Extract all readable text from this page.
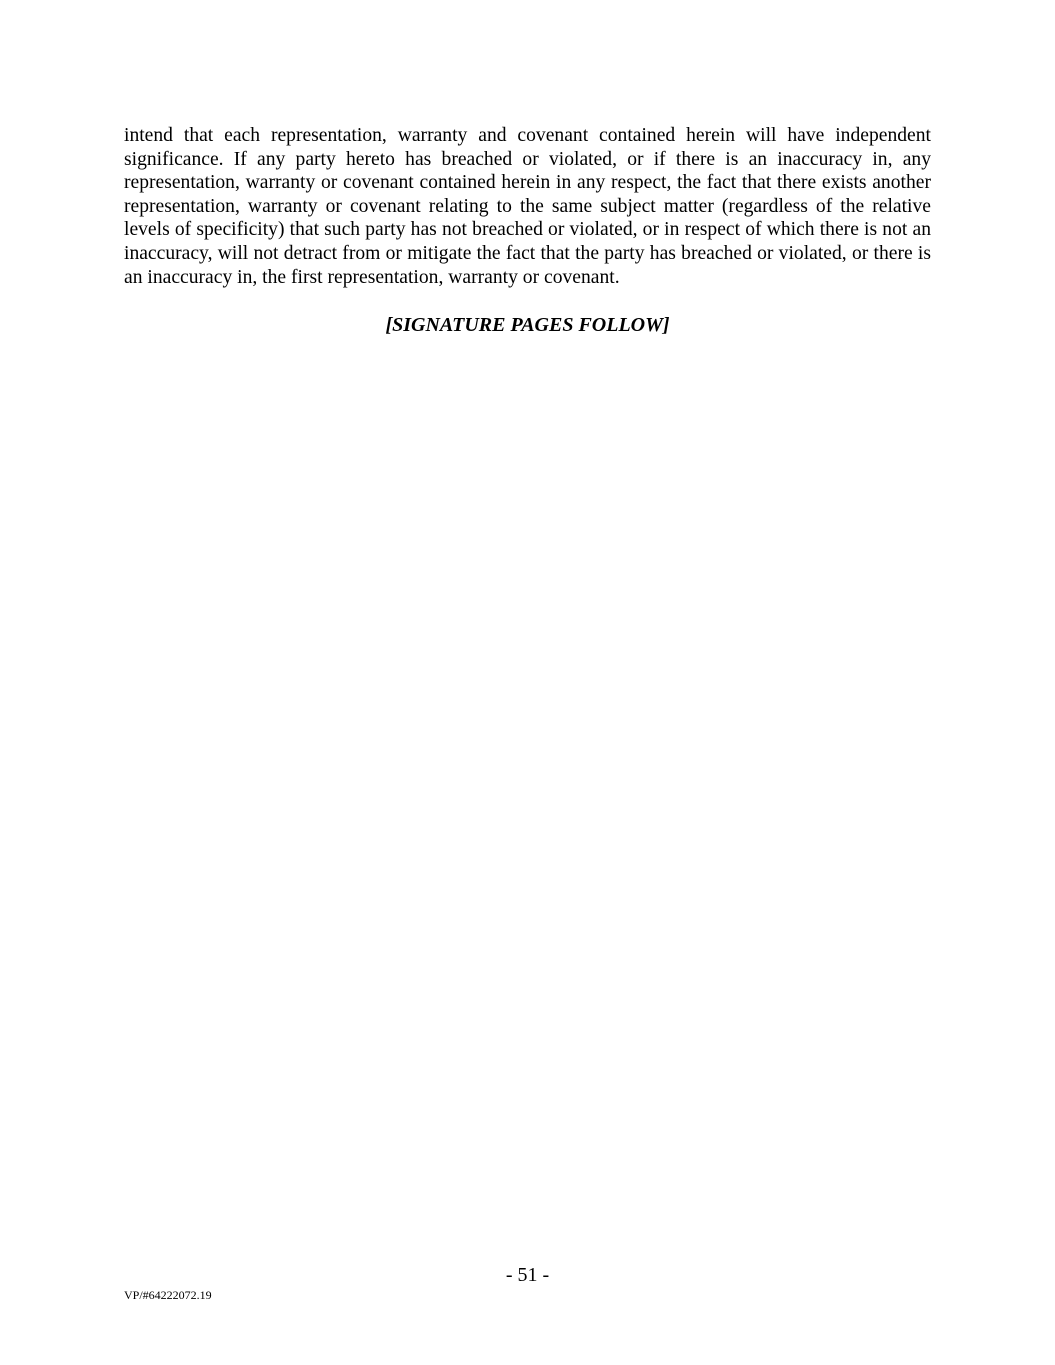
intend that each representation, warranty and covenant contained herein will have independent significance. If any party hereto has breached or violated, or if there is an inaccuracy in, any representation, warranty or covenant contained herein in any respect, the fact that there exists another representation, warranty or covenant relating to the same subject matter (regardless of the relative levels of specificity) that such party has not breached or violated, or in respect of which there is not an inaccuracy, will not detract from or mitigate the fact that the party has breached or violated, or there is an inaccuracy in, the first representation, warranty or covenant.

[SIGNATURE PAGES FOLLOW]

- 51 -
VP/#64222072.19
